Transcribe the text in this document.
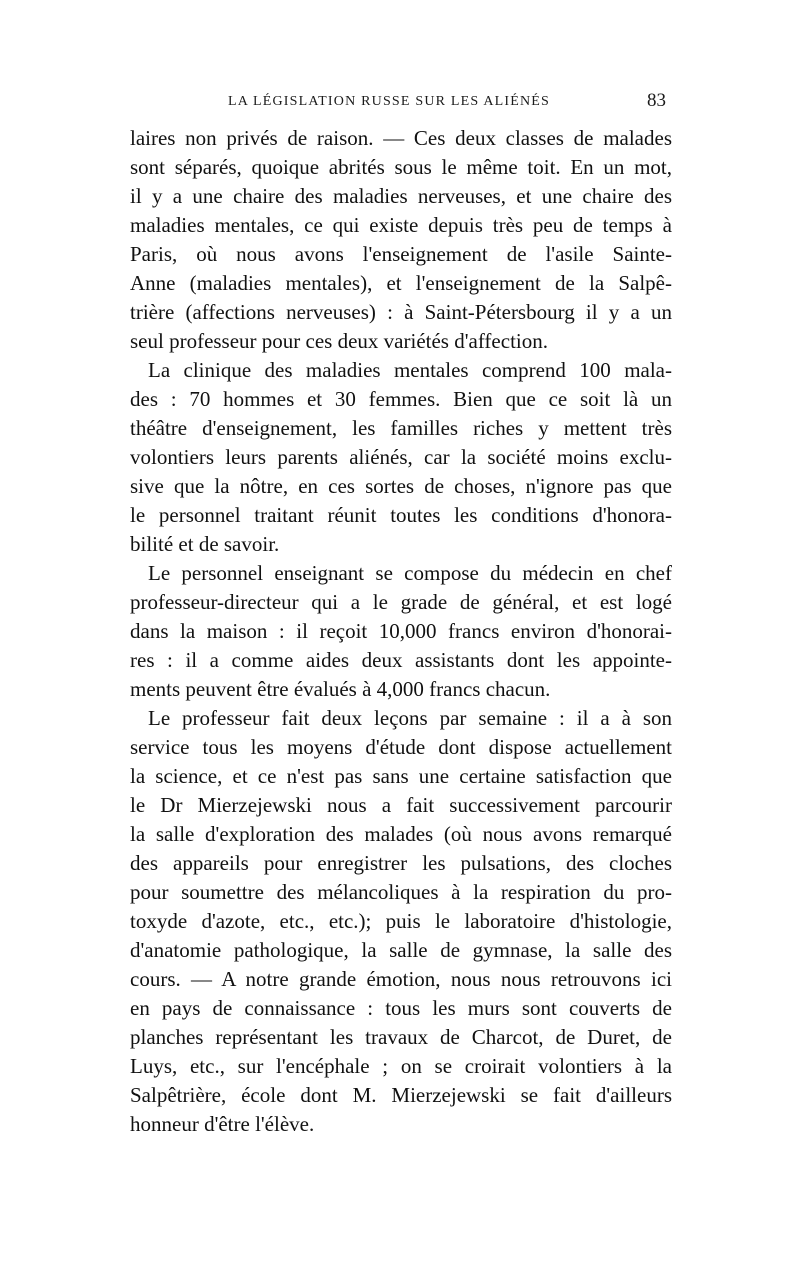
LA LÉGISLATION RUSSE SUR LES ALIÉNÉS	83
laires non privés de raison. — Ces deux classes de malades
sont séparés, quoique abrités sous le même toit. En un mot,
il y a une chaire des maladies nerveuses, et une chaire des
maladies mentales, ce qui existe depuis très peu de temps à
Paris, où nous avons l'enseignement de l'asile Sainte-
Anne (maladies mentales), et l'enseignement de la Salpê-
trière (affections nerveuses) : à Saint-Pétersbourg il y a un
seul professeur pour ces deux variétés d'affection.
La clinique des maladies mentales comprend 100 mala-
des : 70 hommes et 30 femmes. Bien que ce soit là un
théâtre d'enseignement, les familles riches y mettent très
volontiers leurs parents aliénés, car la société moins exclu-
sive que la nôtre, en ces sortes de choses, n'ignore pas que
le personnel traitant réunit toutes les conditions d'honora-
bilité et de savoir.
Le personnel enseignant se compose du médecin en chef
professeur-directeur qui a le grade de général, et est logé
dans la maison : il reçoit 10,000 francs environ d'honorai-
res : il a comme aides deux assistants dont les appointe-
ments peuvent être évalués à 4,000 francs chacun.
Le professeur fait deux leçons par semaine : il a à son
service tous les moyens d'étude dont dispose actuellement
la science, et ce n'est pas sans une certaine satisfaction que
le Dr Mierzejewski nous a fait successivement parcourir
la salle d'exploration des malades (où nous avons remarqué
des appareils pour enregistrer les pulsations, des cloches
pour soumettre des mélancoliques à la respiration du pro-
toxyde d'azote, etc., etc.); puis le laboratoire d'histologie,
d'anatomie pathologique, la salle de gymnase, la salle des
cours. — A notre grande émotion, nous nous retrouvons ici
en pays de connaissance : tous les murs sont couverts de
planches représentant les travaux de Charcot, de Duret, de
Luys, etc., sur l'encéphale ; on se croirait volontiers à la
Salpêtrière, école dont M. Mierzejewski se fait d'ailleurs
honneur d'être l'élève.
